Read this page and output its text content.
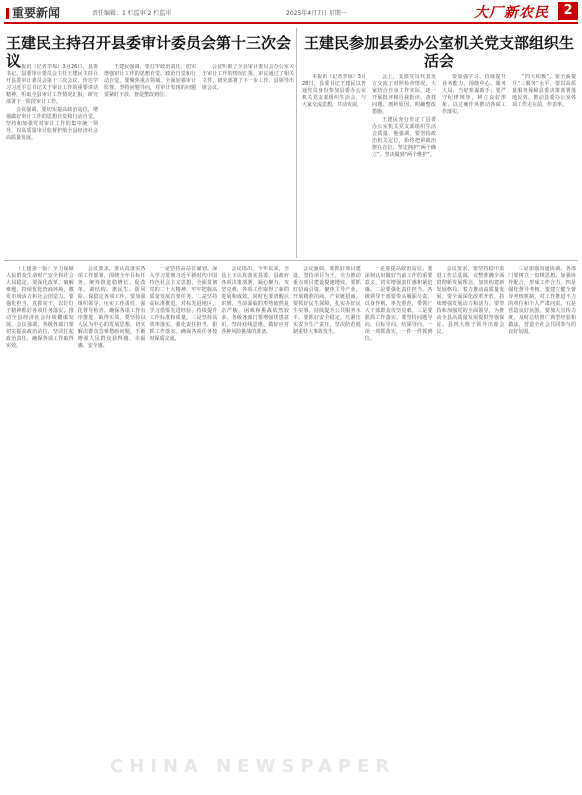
重要新闻	责任编辑：1 栏监审 2 栏监审	2025年4月7日 星期一	大厂新农民	2
王建民主持召开县委审计委员会第十三次会议

本报讯（记者李琼）3月26日，县委书记、县委审计委员会主任王建民主持召开县委审计委员会第十三次会议，传达学习习近平总书记关于审计工作的重要讲话精神，听取全县审计工作情况汇报，研究部署下一阶段审计工作。

会议强调，要切实提高政治站位，增强做好审计工作的思想自觉和行动自觉，坚持和加强党对审计工作的集中统一领导，以高质量审计监督护航全县经济社会高质量发展。

王建民强调，要扛牢政治责任，切实增强审计工作的思想自觉、政治自觉和行动自觉。要聚焦重点领域，全面加强审计监督，坚持问题导向，对审计发现的问题要紧盯不放、督促整改到位。

会议听取了全县审计委员会办公室关于审计工作的情况汇报，审议通过了相关文件，研究部署了下一步工作。县领导出席会议。

王建民参加县委办公室机关党支部组织生活会

本报讯（记者李琼）3月28日，县委书记王建民以普通党员身份参加县委办公室机关党支部组织生活会，与大家交流思想，共话发展。

会上，支部党员代表发言交流了对照检查情况，大家结合自身工作实际，逐一开展批评和自我批评，查找问题、剖析原因、明确整改措施。

王建民充分肯定了县委办公室机关党支部组织生活会质量，他强调，要坚持政治机关定位，始终把讲政治摆在首位，坚定拥护“两个确立”、坚决做到“两个维护”。

要加强学习，持续提升业务能力，围绕中心、服务大局，当好参谋助手；要严守纪律规矩，树立良好形象，以过硬作风推动各项工作落实。

“四大积极”，要全面提升“三服务”水平，要以高质量服务保障县委决策部署落地见效，推动县委办公室各项工作走在前、作表率。

（上接第一版）全力保障人民群众生命财产安全和社会大局稳定。要深化改革，破解难题，持续优化营商环境，激发市场活力和社会创造力。要强化担当，真抓实干，以钉钉子精神抓好各项任务落实，推动全县经济社会持续健康发展。会议强调，各级各部门要切实提高政治站位，坚决扛起政治责任，确保各项工作取得实效。

会议要求，要认真落实各项工作部署，围绕全年目标任务，统筹推进稳增长、促改革、调结构、惠民生、防风险、保稳定各项工作。要加强组织领导，压实工作责任，强化督导检查，确保各项工作有序推进、取得实效。要坚持以人民为中心的发展思想，切实解决群众急难愁盼问题，不断增强人民群众获得感、幸福感、安全感。

一是坚持高站位谋划。深入学习贯彻习近平新时代中国特色社会主义思想，全面贯彻党的二十大精神，牢牢把握高质量发展首要任务。二是坚持高标准推进。对标先进地区，学习借鉴先进经验，持续提升工作标准和质量。三是坚持高效率落实。强化责任担当，狠抓工作落实，确保各项任务按时保质完成。

会议指出，今年以来，全县上下认真落实县委、县政府各项决策部署，凝心聚力、攻坚克难，各项工作取得了新的进展和成效。同时也要清醒认识到，当前面临的形势依然复杂严峻，困难和挑战依然较多。各级各部门要增强忧患意识，坚持底线思维，做好应对各种风险挑战的准备。

会议强调，要抓好项目建设，坚持项目为王，全力推动重点项目建设提速增效。要抓好招商引资，聚焦主导产业，开展精准招商、产业链招商。要抓好民生保障，扎实办好民生实事，持续提升公共服务水平。要抓好安全稳定，压紧压实安全生产责任，坚决防范遏制重特大事故发生。

一是要提高政治站位。要深刻认识做好当前工作的重要意义，切实增强责任感和紧迫感。二是要强化责任担当。各级领导干部要带头履职尽责，以身作则、率先垂范，带领广大干部群众攻坚克难。三是要狠抓工作落实。要坚持问题导向、目标导向、结果导向，一项一项抓落实，一件一件抓到位。

会议要求，要坚持稳中求进工作总基调，完整准确全面贯彻新发展理念，加快构建新发展格局，着力推动高质量发展。要全面深化改革开放，持续增强发展动力和活力。要坚持和加强党的全面领导，为推动全县高质量发展提供坚强保证。县四大班子领导出席会议。

三是加强沟通协调。各部门要树立一盘棋思想，加强协作配合，形成工作合力。四是强化督导考核。要建立健全督导考核机制，对工作推进不力的单位和个人严肃问责。五是营造良好氛围。要加大宣传力度，及时总结推广典型经验和做法，营造全社会共同参与的良好氛围。

CHINA NEWSPAPER
